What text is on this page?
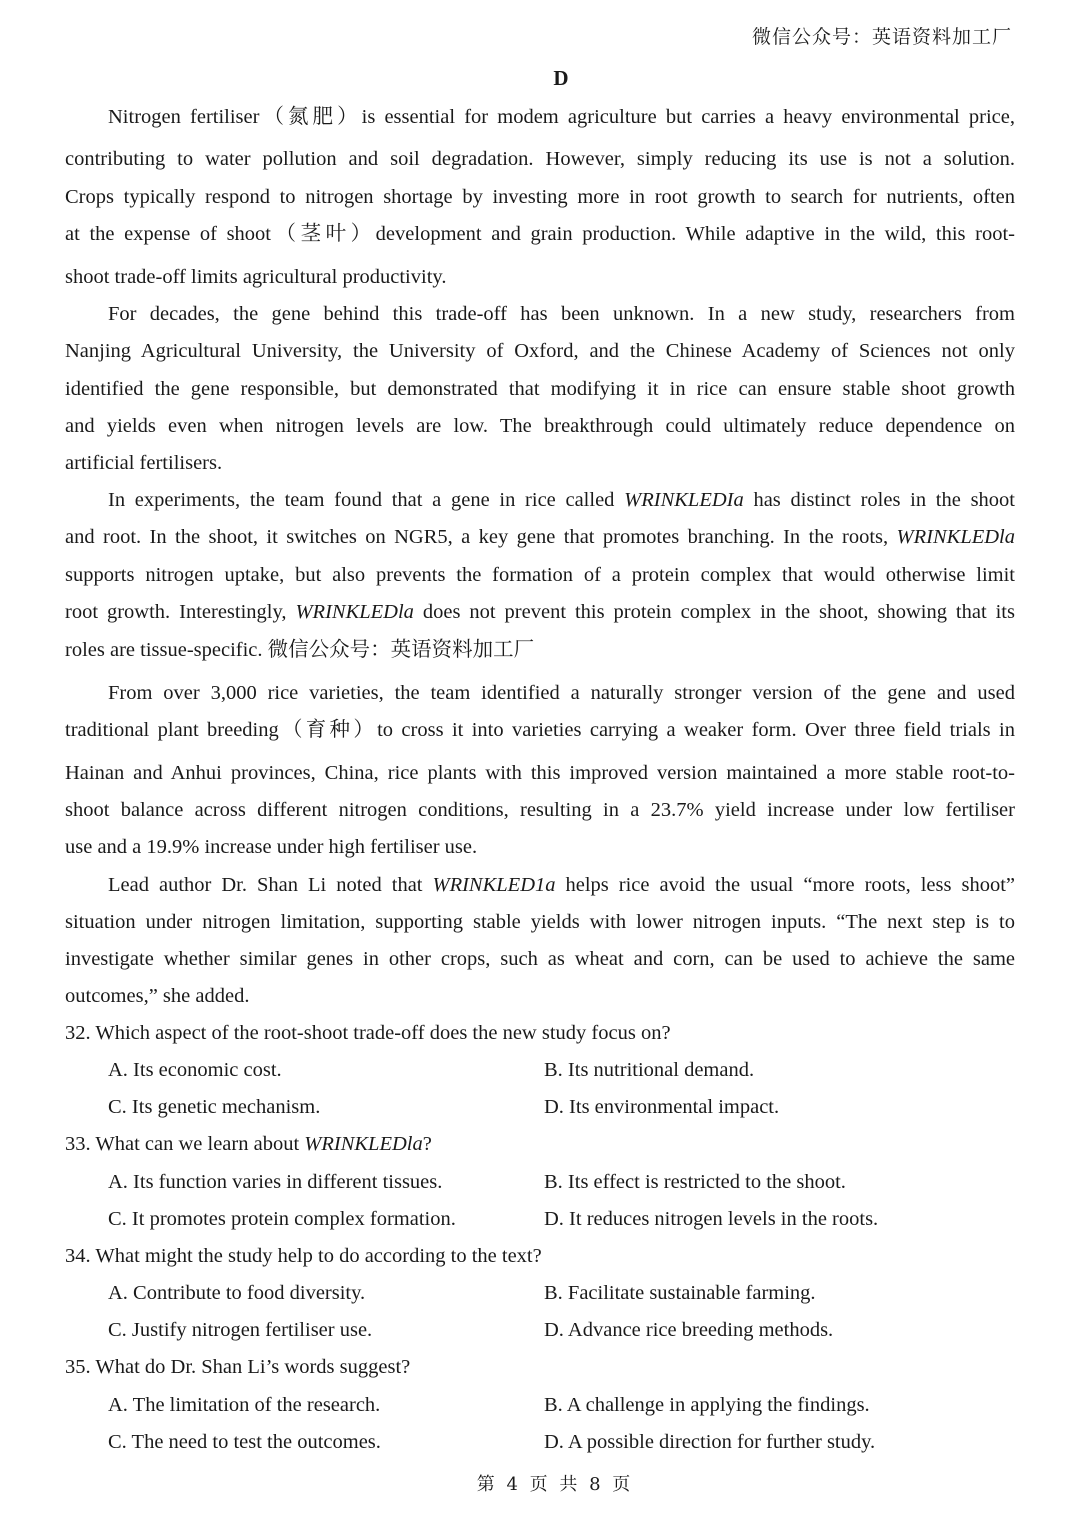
微信公众号：英语资料加工厂
D
Nitrogen fertiliser（氮肥）is essential for modem agriculture but carries a heavy environmental price,
contributing to water pollution and soil degradation. However, simply reducing its use is not a solution.
Crops typically respond to nitrogen shortage by investing more in root growth to search for nutrients, often
at the expense of shoot（茎叶）development and grain production. While adaptive in the wild, this root-
shoot trade-off limits agricultural productivity.
For decades, the gene behind this trade-off has been unknown. In a new study, researchers from
Nanjing Agricultural University, the University of Oxford, and the Chinese Academy of Sciences not only
identified the gene responsible, but demonstrated that modifying it in rice can ensure stable shoot growth
and yields even when nitrogen levels are low. The breakthrough could ultimately reduce dependence on
artificial fertilisers.
In experiments, the team found that a gene in rice called WRINKLEDIa has distinct roles in the shoot
and root. In the shoot, it switches on NGR5, a key gene that promotes branching. In the roots, WRINKLEDla
supports nitrogen uptake, but also prevents the formation of a protein complex that would otherwise limit
root growth. Interestingly, WRINKLEDla does not prevent this protein complex in the shoot, showing that its
roles are tissue-specific. 微信公众号：英语资料加工厂
From over 3,000 rice varieties, the team identified a naturally stronger version of the gene and used
traditional plant breeding（育种）to cross it into varieties carrying a weaker form. Over three field trials in
Hainan and Anhui provinces, China, rice plants with this improved version maintained a more stable root-to-
shoot balance across different nitrogen conditions, resulting in a 23.7% yield increase under low fertiliser
use and a 19.9% increase under high fertiliser use.
Lead author Dr. Shan Li noted that WRINKLED1a helps rice avoid the usual “more roots, less shoot”
situation under nitrogen limitation, supporting stable yields with lower nitrogen inputs. “The next step is to
investigate whether similar genes in other crops, such as wheat and corn, can be used to achieve the same
outcomes,” she added.
32. Which aspect of the root-shoot trade-off does the new study focus on?
A. Its economic cost.	B. Its nutritional demand.
C. Its genetic mechanism.	D. Its environmental impact.
33. What can we learn about WRINKLEDla?
A. Its function varies in different tissues.	B. Its effect is restricted to the shoot.
C. It promotes protein complex formation.	D. It reduces nitrogen levels in the roots.
34. What might the study help to do according to the text?
A. Contribute to food diversity.	B. Facilitate sustainable farming.
C. Justify nitrogen fertiliser use.	D. Advance rice breeding methods.
35. What do Dr. Shan Li’s words suggest?
A. The limitation of the research.	B. A challenge in applying the findings.
C. The need to test the outcomes.	D. A possible direction for further study.
第 4 页 共 8 页
